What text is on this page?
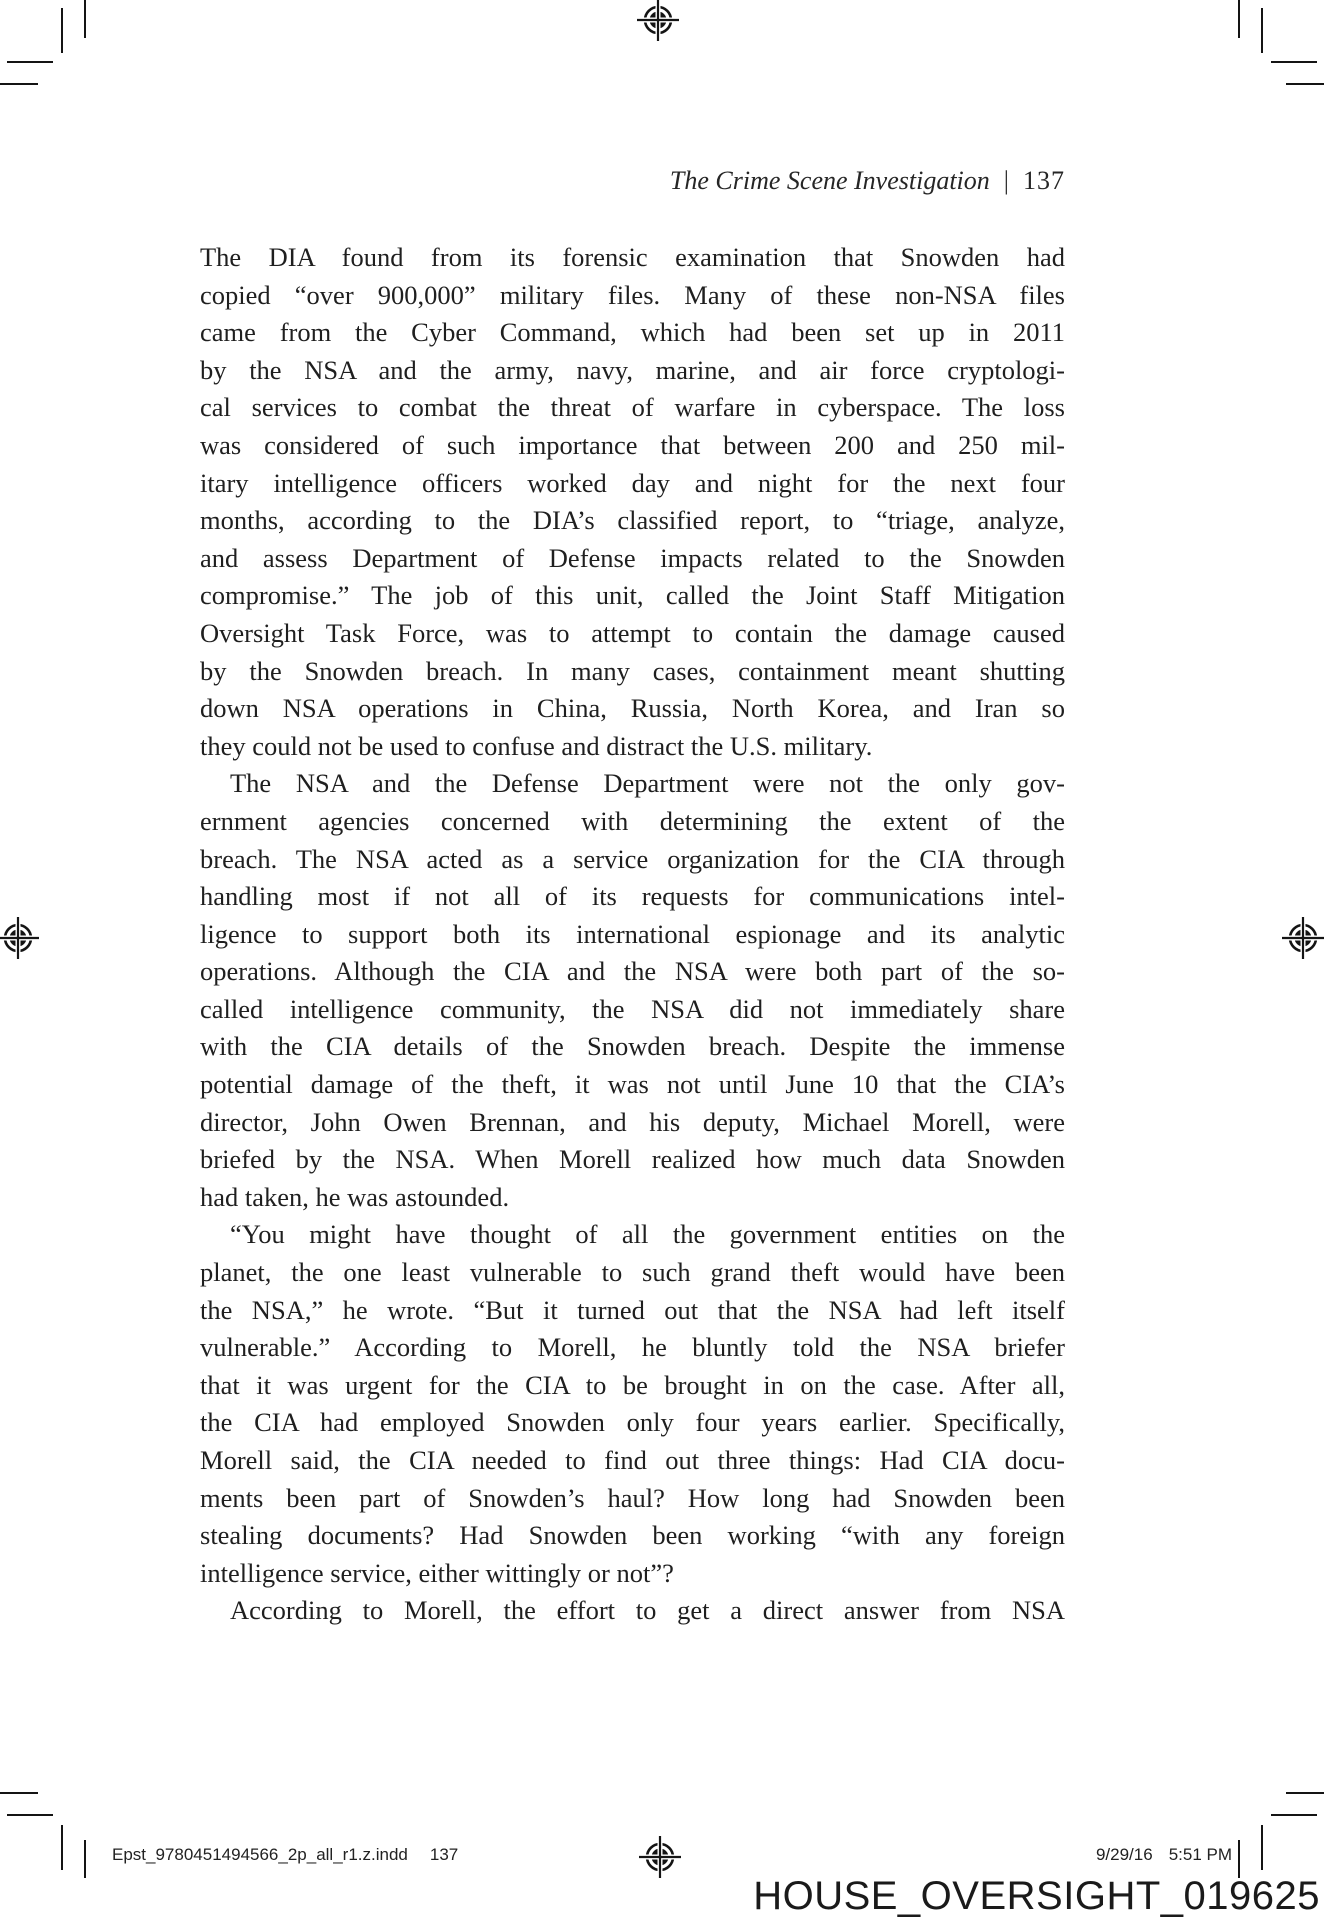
The Crime Scene Investigation | 137
The DIA found from its forensic examination that Snowden had
copied “over 900,000” military files. Many of these non-NSA files
came from the Cyber Command, which had been set up in 2011
by the NSA and the army, navy, marine, and air force cryptologi-
cal services to combat the threat of warfare in cyberspace. The loss
was considered of such importance that between 200 and 250 mil-
itary intelligence officers worked day and night for the next four
months, according to the DIA’s classified report, to “triage, analyze,
and assess Department of Defense impacts related to the Snowden
compromise.” The job of this unit, called the Joint Staff Mitigation
Oversight Task Force, was to attempt to contain the damage caused
by the Snowden breach. In many cases, containment meant shutting
down NSA operations in China, Russia, North Korea, and Iran so
they could not be used to confuse and distract the U.S. military.
The NSA and the Defense Department were not the only gov-
ernment agencies concerned with determining the extent of the
breach. The NSA acted as a service organization for the CIA through
handling most if not all of its requests for communications intel-
ligence to support both its international espionage and its analytic
operations. Although the CIA and the NSA were both part of the so-
called intelligence community, the NSA did not immediately share
with the CIA details of the Snowden breach. Despite the immense
potential damage of the theft, it was not until June 10 that the CIA’s
director, John Owen Brennan, and his deputy, Michael Morell, were
briefed by the NSA. When Morell realized how much data Snowden
had taken, he was astounded.
“You might have thought of all the government entities on the
planet, the one least vulnerable to such grand theft would have been
the NSA,” he wrote. “But it turned out that the NSA had left itself
vulnerable.” According to Morell, he bluntly told the NSA briefer
that it was urgent for the CIA to be brought in on the case. After all,
the CIA had employed Snowden only four years earlier. Specifically,
Morell said, the CIA needed to find out three things: Had CIA docu-
ments been part of Snowden’s haul? How long had Snowden been
stealing documents? Had Snowden been working “with any foreign
intelligence service, either wittingly or not”?
According to Morell, the effort to get a direct answer from NSA
Epst_9780451494566_2p_all_r1.z.indd 137	9/29/16 5:51 PM
HOUSE_OVERSIGHT_019625
